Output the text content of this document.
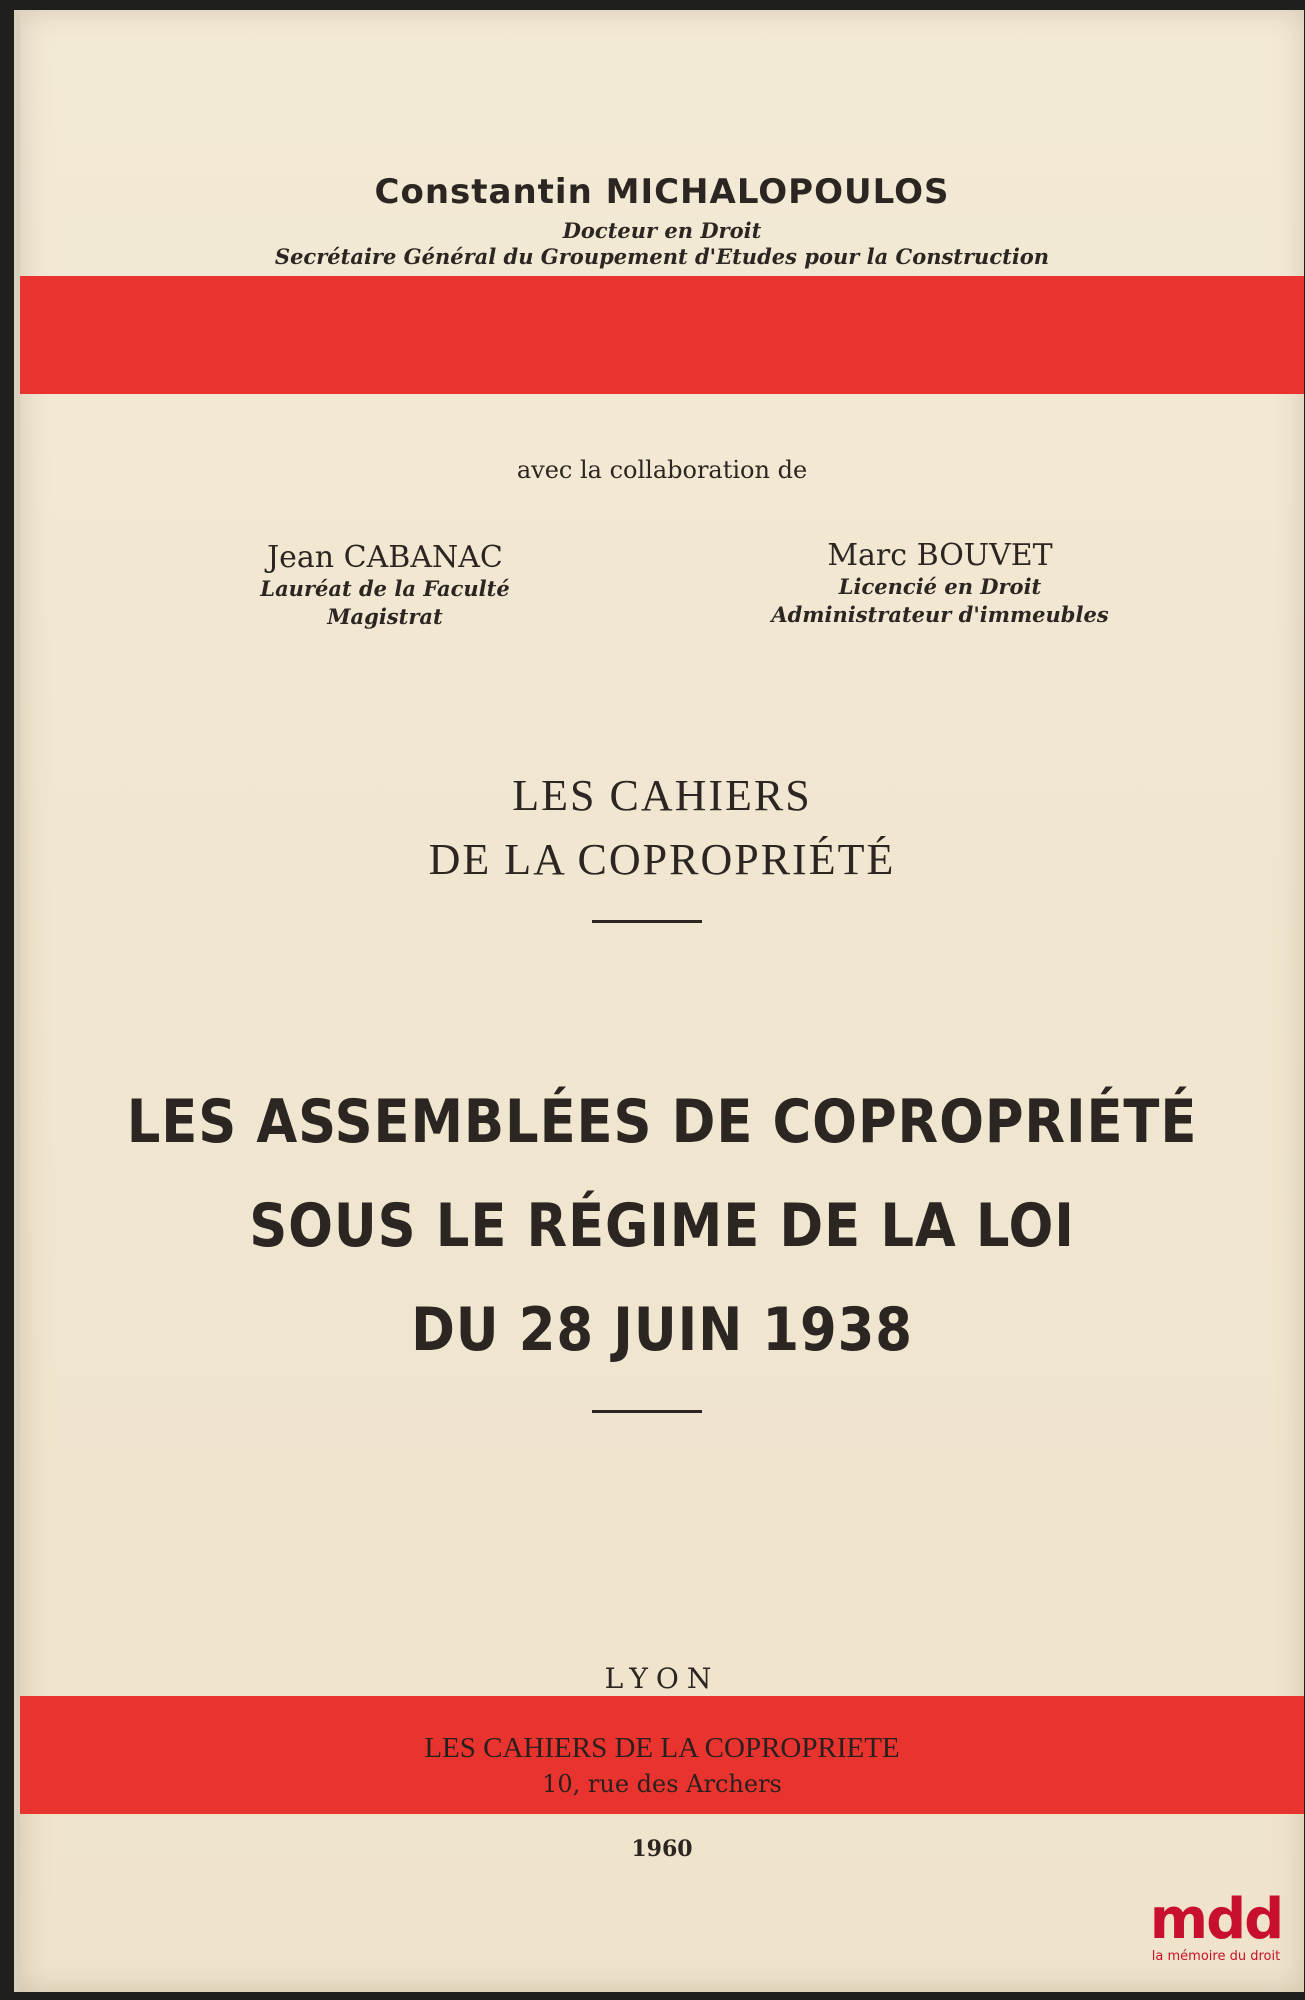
Constantin MICHALOPOULOS
Docteur en Droit
Secrétaire Général du Groupement d'Etudes pour la Construction
avec la collaboration de
Jean CABANAC
Lauréat de la Faculté
Magistrat
Marc BOUVET
Licencié en Droit
Administrateur d'immeubles
LES CAHIERS
DE LA COPROPRIÉTÉ
LES ASSEMBLÉES DE COPROPRIÉTÉ
SOUS LE RÉGIME DE LA LOI
DU 28 JUIN 1938
LYON
LES CAHIERS DE LA COPROPRIETE
10, rue des Archers
1960
mdd
la mémoire du droit
